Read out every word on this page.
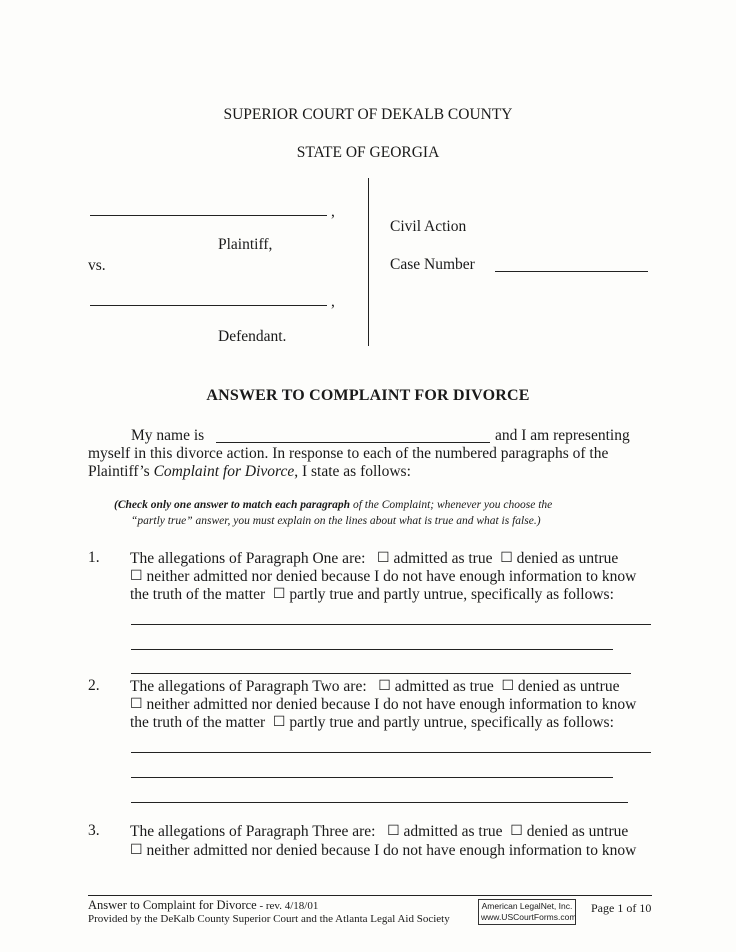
SUPERIOR COURT OF DEKALB COUNTY
STATE OF GEORGIA
,
Plaintiff,
vs.
,
Defendant.
Civil Action
Case Number
ANSWER TO COMPLAINT FOR DIVORCE
My name is	and I am representing
myself in this divorce action. In response to each of the numbered paragraphs of the
Plaintiff’s Complaint for Divorce, I state as follows:
(Check only one answer to match each paragraph of the Complaint; whenever you choose the
“partly true” answer, you must explain on the lines about what is true and what is false.)
1. The allegations of Paragraph One are: ☐ admitted as true ☐ denied as untrue
☐ neither admitted nor denied because I do not have enough information to know
the truth of the matter ☐ partly true and partly untrue, specifically as follows:
2. The allegations of Paragraph Two are: ☐ admitted as true ☐ denied as untrue
☐ neither admitted nor denied because I do not have enough information to know
the truth of the matter ☐ partly true and partly untrue, specifically as follows:
3. The allegations of Paragraph Three are: ☐ admitted as true ☐ denied as untrue
☐ neither admitted nor denied because I do not have enough information to know
Answer to Complaint for Divorce - rev. 4/18/01
Provided by the DeKalb County Superior Court and the Atlanta Legal Aid Society
American LegalNet, Inc.
www.USCourtForms.com
Page 1 of 10
